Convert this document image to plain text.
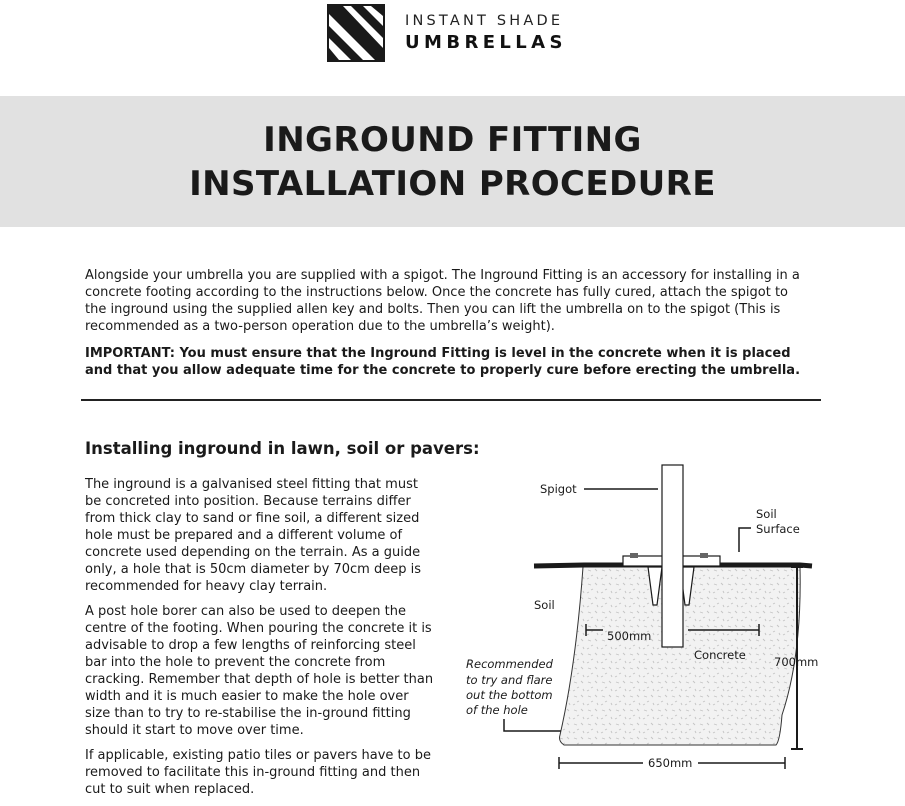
INSTANT SHADE
UMBRELLAS
INGROUND FITTING
INSTALLATION PROCEDURE

Alongside your umbrella you are supplied with a spigot. The Inground Fitting is an accessory for installing in a concrete footing according to the instructions below. Once the concrete has fully cured, attach the spigot to the inground using the supplied allen key and bolts. Then you can lift the umbrella on to the spigot (This is recommended as a two-person operation due to the umbrella’s weight).

IMPORTANT: You must ensure that the Inground Fitting is level in the concrete when it is placed and that you allow adequate time for the concrete to properly cure before erecting the umbrella.

Installing inground in lawn, soil or pavers:

The inground is a galvanised steel fitting that must be concreted into position. Because terrains differ from thick clay to sand or fine soil, a different sized hole must be prepared and a different volume of concrete used depending on the terrain. As a guide only, a hole that is 50cm diameter by 70cm deep is recommended for heavy clay terrain.

A post hole borer can also be used to deepen the centre of the footing. When pouring the concrete it is advisable to drop a few lengths of reinforcing steel bar into the hole to prevent the concrete from cracking. Remember that depth of hole is better than width and it is much easier to make the hole over size than to try to re-stabilise the in-ground fitting should it start to move over time.

If applicable, existing patio tiles or pavers have to be removed to facilitate this in-ground fitting and then cut to suit when replaced.

Spigot
Soil
Surface
Soil
500mm
Concrete 700mm
Recommended
to try and flare
out the bottom
of the hole
650mm
